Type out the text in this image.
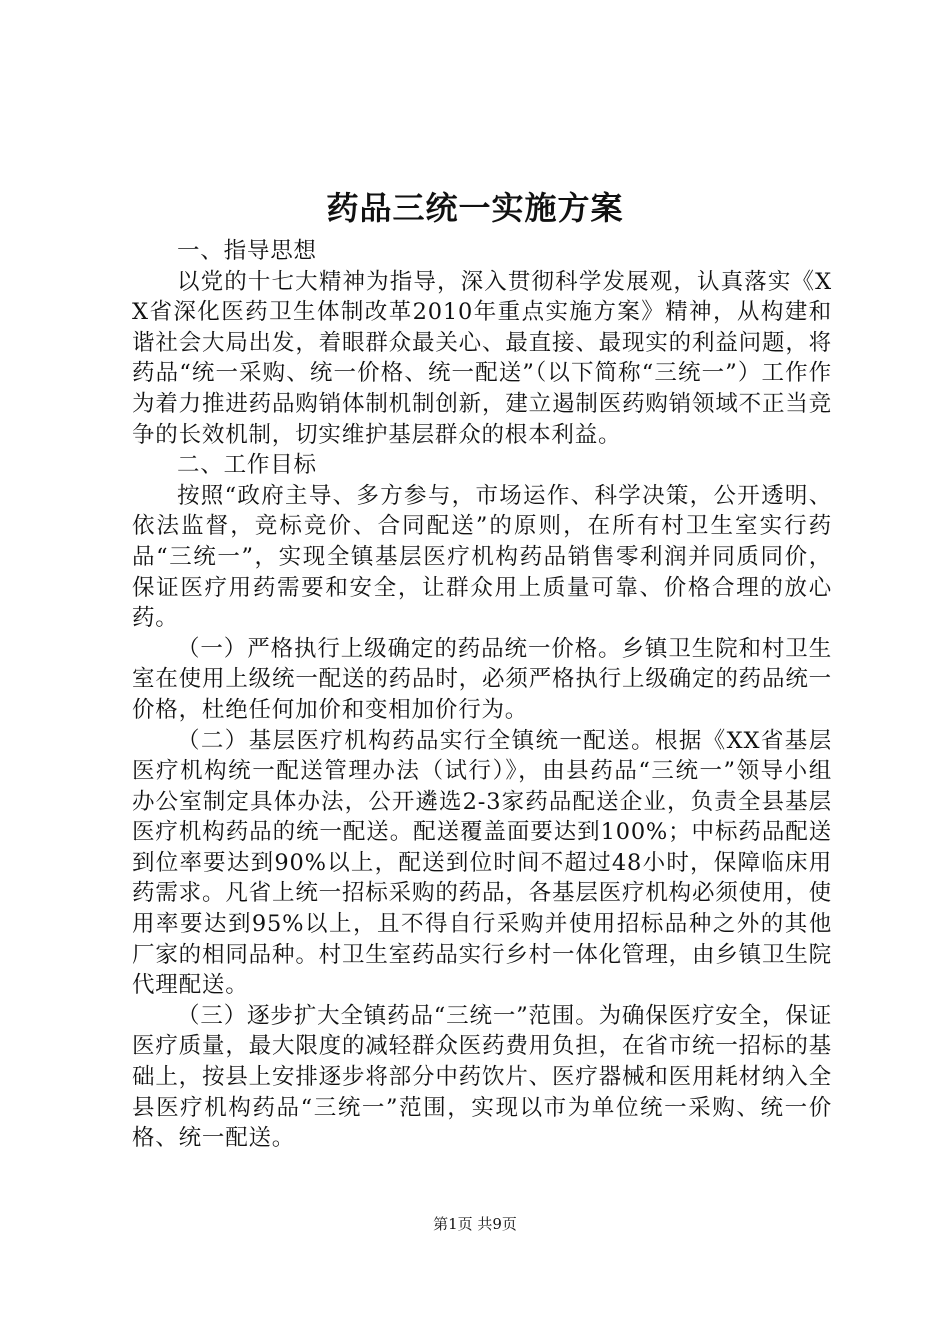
药品三统一实施方案

一、指导思想

以党的十七大精神为指导，深入贯彻科学发展观，认真落实《XX省深化医药卫生体制改革2010年重点实施方案》精神，从构建和谐社会大局出发，着眼群众最关心、最直接、最现实的利益问题，将药品“统一采购、统一价格、统一配送”（以下简称“三统一”）工作作为着力推进药品购销体制机制创新，建立遏制医药购销领域不正当竞争的长效机制，切实维护基层群众的根本利益。

二、工作目标

按照“政府主导、多方参与，市场运作、科学决策，公开透明、依法监督，竞标竞价、合同配送”的原则，在所有村卫生室实行药品“三统一”，实现全镇基层医疗机构药品销售零利润并同质同价，保证医疗用药需要和安全，让群众用上质量可靠、价格合理的放心药。

（一）严格执行上级确定的药品统一价格。乡镇卫生院和村卫生室在使用上级统一配送的药品时，必须严格执行上级确定的药品统一价格，杜绝任何加价和变相加价行为。

（二）基层医疗机构药品实行全镇统一配送。根据《XX省基层医疗机构统一配送管理办法（试行）》，由县药品“三统一”领导小组办公室制定具体办法，公开遴选2-3家药品配送企业，负责全县基层医疗机构药品的统一配送。配送覆盖面要达到100%；中标药品配送到位率要达到90%以上，配送到位时间不超过48小时，保障临床用药需求。凡省上统一招标采购的药品，各基层医疗机构必须使用，使用率要达到95%以上，且不得自行采购并使用招标品种之外的其他厂家的相同品种。村卫生室药品实行乡村一体化管理，由乡镇卫生院代理配送。

（三）逐步扩大全镇药品“三统一”范围。为确保医疗安全，保证医疗质量，最大限度的减轻群众医药费用负担，在省市统一招标的基础上，按县上安排逐步将部分中药饮片、医疗器械和医用耗材纳入全县医疗机构药品“三统一”范围，实现以市为单位统一采购、统一价格、统一配送。

第1页 共9页
